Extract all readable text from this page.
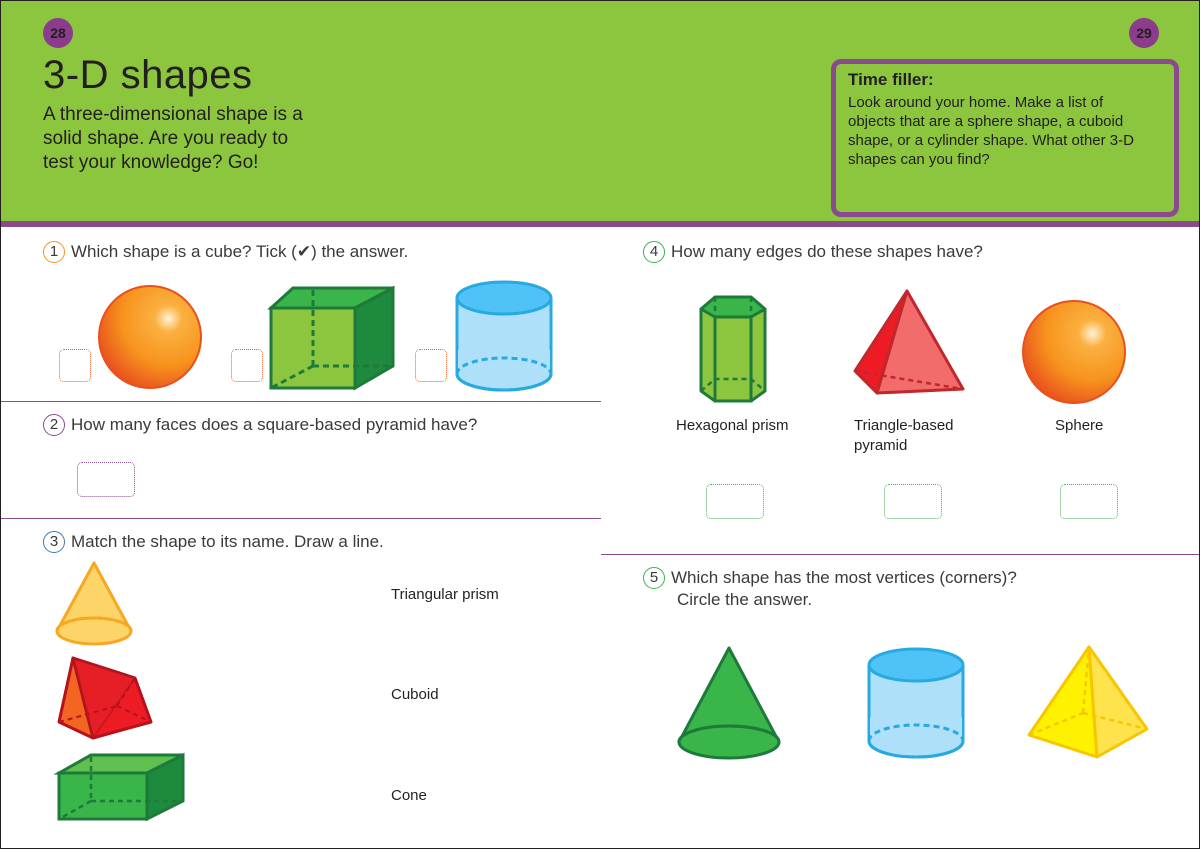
28	29
3-D shapes
A three-dimensional shape is a solid shape. Are you ready to test your knowledge? Go!
Time filler:
Look around your home. Make a list of objects that are a sphere shape, a cuboid shape, or a cylinder shape. What other 3-D shapes can you find?
1 Which shape is a cube? Tick (✔) the answer.
2 How many faces does a square-based pyramid have?
3 Match the shape to its name. Draw a line.
Triangular prism
Cuboid
Cone
4 How many edges do these shapes have?
Hexagonal prism	Triangle-based pyramid
Sphere
5 Which shape has the most vertices (corners)?
Circle the answer.
